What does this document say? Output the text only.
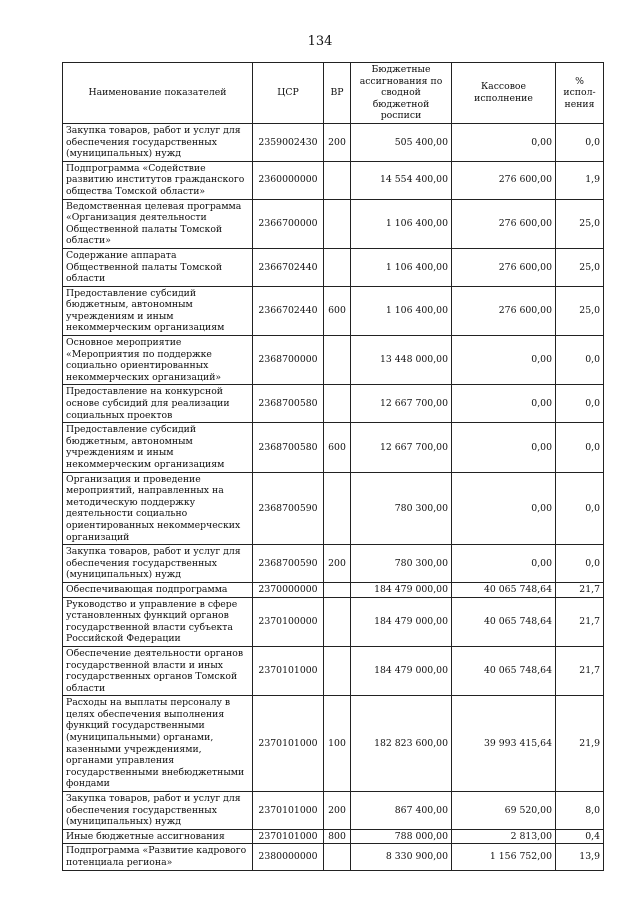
134
Наименование показателей	ЦСР	ВР	Бюджетные ассигнования по сводной бюджетной росписи	Кассовое исполнение	% испол-нения
Закупка товаров, работ и услуг для обеспечения государственных (муниципальных) нужд	2359002430	200	505 400,00	0,00	0,0
Подпрограмма «Содействие развитию институтов гражданского общества Томской области»	2360000000		14 554 400,00	276 600,00	1,9
Ведомственная целевая программа «Организация деятельности Общественной палаты Томской области»	2366700000		1 106 400,00	276 600,00	25,0
Содержание аппарата Общественной палаты Томской области	2366702440		1 106 400,00	276 600,00	25,0
Предоставление субсидий бюджетным, автономным учреждениям и иным некоммерческим организациям	2366702440	600	1 106 400,00	276 600,00	25,0
Основное мероприятие «Мероприятия по поддержке социально ориентированных некоммерческих организаций»	2368700000		13 448 000,00	0,00	0,0
Предоставление на конкурсной основе субсидий для реализации социальных проектов	2368700580		12 667 700,00	0,00	0,0
Предоставление субсидий бюджетным, автономным учреждениям и иным некоммерческим организациям	2368700580	600	12 667 700,00	0,00	0,0
Организация и проведение мероприятий, направленных на методическую поддержку деятельности социально ориентированных некоммерческих организаций	2368700590		780 300,00	0,00	0,0
Закупка товаров, работ и услуг для обеспечения государственных (муниципальных) нужд	2368700590	200	780 300,00	0,00	0,0
Обеспечивающая подпрограмма	2370000000		184 479 000,00	40 065 748,64	21,7
Руководство и управление в сфере установленных функций органов государственной власти субъекта Российской Федерации	2370100000		184 479 000,00	40 065 748,64	21,7
Обеспечение деятельности органов государственной власти и иных государственных органов Томской области	2370101000		184 479 000,00	40 065 748,64	21,7
Расходы на выплаты персоналу в целях обеспечения выполнения функций государственными (муниципальными) органами, казенными учреждениями, органами управления государственными внебюджетными фондами	2370101000	100	182 823 600,00	39 993 415,64	21,9
Закупка товаров, работ и услуг для обеспечения государственных (муниципальных) нужд	2370101000	200	867 400,00	69 520,00	8,0
Иные бюджетные ассигнования	2370101000	800	788 000,00	2 813,00	0,4
Подпрограмма «Развитие кадрового потенциала региона»	2380000000		8 330 900,00	1 156 752,00	13,9
